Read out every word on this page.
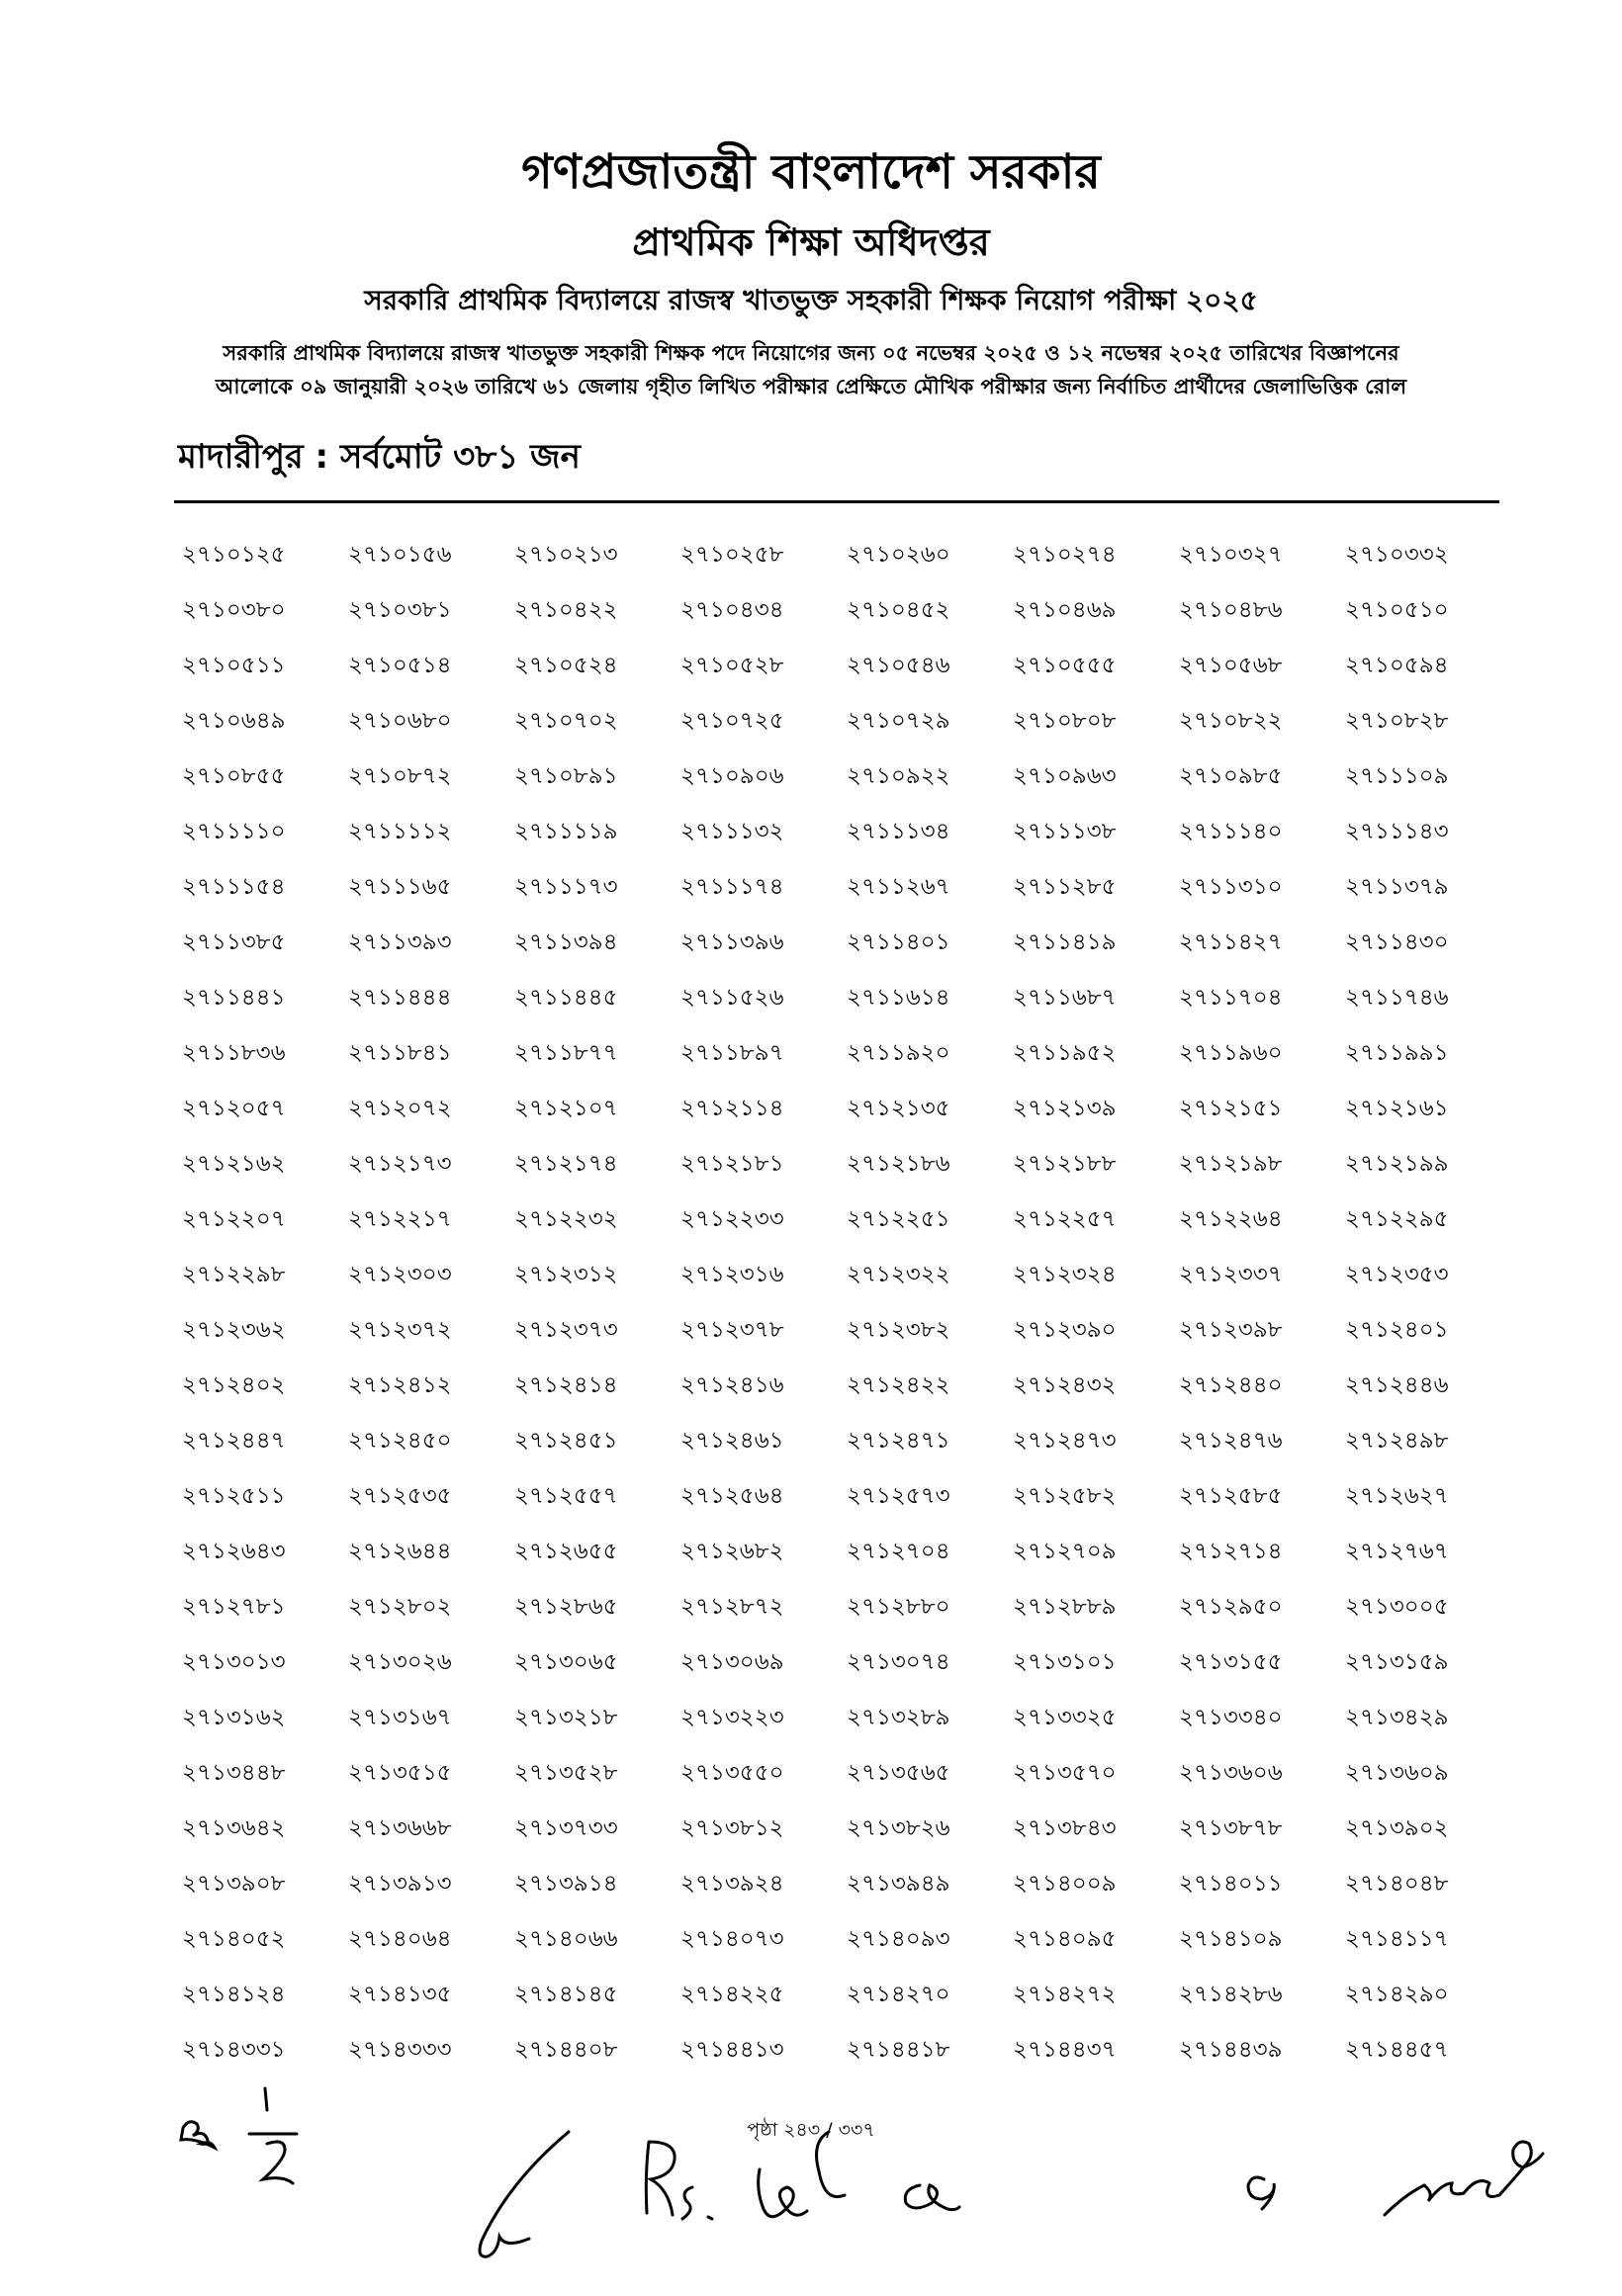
গণপ্রজাতন্ত্রী বাংলাদেশ সরকার
প্রাথমিক শিক্ষা অধিদপ্তর
সরকারি প্রাথমিক বিদ্যালয়ে রাজস্ব খাতভুক্ত সহকারী শিক্ষক নিয়োগ পরীক্ষা ২০২৫
সরকারি প্রাথমিক বিদ্যালয়ে রাজস্ব খাতভুক্ত সহকারী শিক্ষক পদে নিয়োগের জন্য ০৫ নভেম্বর ২০২৫ ও ১২ নভেম্বর ২০২৫ তারিখের বিজ্ঞাপনের
আলোকে ০৯ জানুয়ারী ২০২৬ তারিখে ৬১ জেলায় গৃহীত লিখিত পরীক্ষার প্রেক্ষিতে মৌখিক পরীক্ষার জন্য নির্বাচিত প্রার্থীদের জেলাভিত্তিক রোল
মাদারীপুর : সর্বমোট ৩৮১ জন
২৭১০১২৫	২৭১০১৫৬	২৭১০২১৩	২৭১০২৫৮	২৭১০২৬০	২৭১০২৭৪	২৭১০৩২৭	২৭১০৩৩২
২৭১০৩৮০	২৭১০৩৮১	২৭১০৪২২	২৭১০৪৩৪	২৭১০৪৫২	২৭১০৪৬৯	২৭১০৪৮৬	২৭১০৫১০
২৭১০৫১১	২৭১০৫১৪	২৭১০৫২৪	২৭১০৫২৮	২৭১০৫৪৬	২৭১০৫৫৫	২৭১০৫৬৮	২৭১০৫৯৪
২৭১০৬৪৯	২৭১০৬৮০	২৭১০৭০২	২৭১০৭২৫	২৭১০৭২৯	২৭১০৮০৮	২৭১০৮২২	২৭১০৮২৮
২৭১০৮৫৫	২৭১০৮৭২	২৭১০৮৯১	২৭১০৯০৬	২৭১০৯২২	২৭১০৯৬৩	২৭১০৯৮৫	২৭১১১০৯
২৭১১১১০	২৭১১১১২	২৭১১১১৯	২৭১১১৩২	২৭১১১৩৪	২৭১১১৩৮	২৭১১১৪০	২৭১১১৪৩
২৭১১১৫৪	২৭১১১৬৫	২৭১১১৭৩	২৭১১১৭৪	২৭১১২৬৭	২৭১১২৮৫	২৭১১৩১০	২৭১১৩৭৯
২৭১১৩৮৫	২৭১১৩৯৩	২৭১১৩৯৪	২৭১১৩৯৬	২৭১১৪০১	২৭১১৪১৯	২৭১১৪২৭	২৭১১৪৩০
২৭১১৪৪১	২৭১১৪৪৪	২৭১১৪৪৫	২৭১১৫২৬	২৭১১৬১৪	২৭১১৬৮৭	২৭১১৭০৪	২৭১১৭৪৬
২৭১১৮৩৬	২৭১১৮৪১	২৭১১৮৭৭	২৭১১৮৯৭	২৭১১৯২০	২৭১১৯৫২	২৭১১৯৬০	২৭১১৯৯১
২৭১২০৫৭	২৭১২০৭২	২৭১২১০৭	২৭১২১১৪	২৭১২১৩৫	২৭১২১৩৯	২৭১২১৫১	২৭১২১৬১
২৭১২১৬২	২৭১২১৭৩	২৭১২১৭৪	২৭১২১৮১	২৭১২১৮৬	২৭১২১৮৮	২৭১২১৯৮	২৭১২১৯৯
২৭১২২০৭	২৭১২২১৭	২৭১২২৩২	২৭১২২৩৩	২৭১২২৫১	২৭১২২৫৭	২৭১২২৬৪	২৭১২২৯৫
২৭১২২৯৮	২৭১২৩০৩	২৭১২৩১২	২৭১২৩১৬	২৭১২৩২২	২৭১২৩২৪	২৭১২৩৩৭	২৭১২৩৫৩
২৭১২৩৬২	২৭১২৩৭২	২৭১২৩৭৩	২৭১২৩৭৮	২৭১২৩৮২	২৭১২৩৯০	২৭১২৩৯৮	২৭১২৪০১
২৭১২৪০২	২৭১২৪১২	২৭১২৪১৪	২৭১২৪১৬	২৭১২৪২২	২৭১২৪৩২	২৭১২৪৪০	২৭১২৪৪৬
২৭১২৪৪৭	২৭১২৪৫০	২৭১২৪৫১	২৭১২৪৬১	২৭১২৪৭১	২৭১২৪৭৩	২৭১২৪৭৬	২৭১২৪৯৮
২৭১২৫১১	২৭১২৫৩৫	২৭১২৫৫৭	২৭১২৫৬৪	২৭১২৫৭৩	২৭১২৫৮২	২৭১২৫৮৫	২৭১২৬২৭
২৭১২৬৪৩	২৭১২৬৪৪	২৭১২৬৫৫	২৭১২৬৮২	২৭১২৭০৪	২৭১২৭০৯	২৭১২৭১৪	২৭১২৭৬৭
২৭১২৭৮১	২৭১২৮০২	২৭১২৮৬৫	২৭১২৮৭২	২৭১২৮৮০	২৭১২৮৮৯	২৭১২৯৫০	২৭১৩০০৫
২৭১৩০১৩	২৭১৩০২৬	২৭১৩০৬৫	২৭১৩০৬৯	২৭১৩০৭৪	২৭১৩১০১	২৭১৩১৫৫	২৭১৩১৫৯
২৭১৩১৬২	২৭১৩১৬৭	২৭১৩২১৮	২৭১৩২২৩	২৭১৩২৮৯	২৭১৩৩২৫	২৭১৩৩৪০	২৭১৩৪২৯
২৭১৩৪৪৮	২৭১৩৫১৫	২৭১৩৫২৮	২৭১৩৫৫০	২৭১৩৫৬৫	২৭১৩৫৭০	২৭১৩৬০৬	২৭১৩৬০৯
২৭১৩৬৪২	২৭১৩৬৬৮	২৭১৩৭৩৩	২৭১৩৮১২	২৭১৩৮২৬	২৭১৩৮৪৩	২৭১৩৮৭৮	২৭১৩৯০২
২৭১৩৯০৮	২৭১৩৯১৩	২৭১৩৯১৪	২৭১৩৯২৪	২৭১৩৯৪৯	২৭১৪০০৯	২৭১৪০১১	২৭১৪০৪৮
২৭১৪০৫২	২৭১৪০৬৪	২৭১৪০৬৬	২৭১৪০৭৩	২৭১৪০৯৩	২৭১৪০৯৫	২৭১৪১০৯	২৭১৪১১৭
২৭১৪১২৪	২৭১৪১৩৫	২৭১৪১৪৫	২৭১৪২২৫	২৭১৪২৭০	২৭১৪২৭২	২৭১৪২৮৬	২৭১৪২৯০
২৭১৪৩৩১	২৭১৪৩৩৩	২৭১৪৪০৮	২৭১৪৪১৩	২৭১৪৪১৮	২৭১৪৪৩৭	২৭১৪৪৩৯	২৭১৪৪৫৭
পৃষ্ঠা ২৪৩ / ৩৩৭
১/২
